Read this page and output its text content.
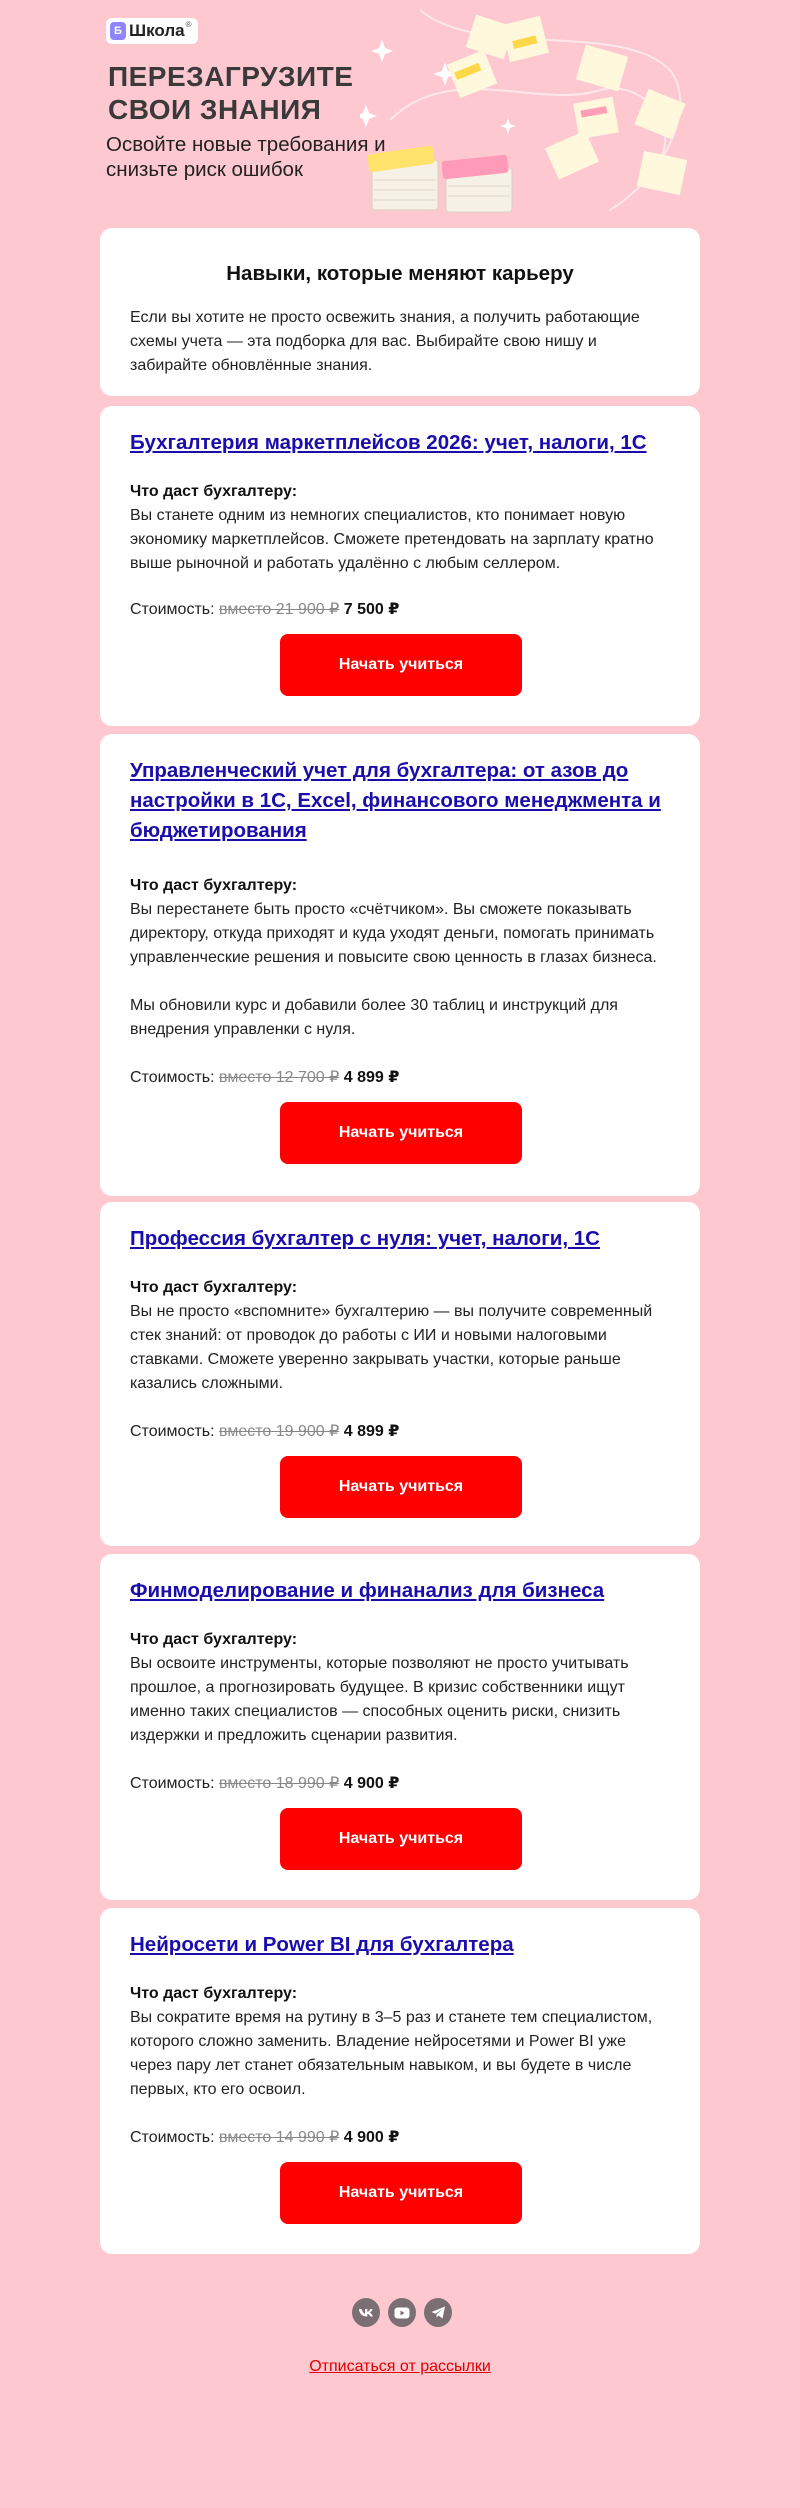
Б Школа ®
ПЕРЕЗАГРУЗИТЕ СВОИ ЗНАНИЯ
Освойте новые требования и снизьте риск ошибок
Навыки, которые меняют карьеру
Если вы хотите не просто освежить знания, а получить работающие схемы учета — эта подборка для вас. Выбирайте свою нишу и забирайте обновлённые знания.
Бухгалтерия маркетплейсов 2026: учет, налоги, 1С
Что даст бухгалтеру:
Вы станете одним из немногих специалистов, кто понимает новую экономику маркетплейсов. Сможете претендовать на зарплату кратно выше рыночной и работать удалённо с любым селлером.
Стоимость: вместо 21 900 ₽ 7 500 ₽
Начать учиться
Управленческий учет для бухгалтера: от азов до настройки в 1С, Excel, финансового менеджмента и бюджетирования
Что даст бухгалтеру:
Вы перестанете быть просто «счётчиком». Вы сможете показывать директору, откуда приходят и куда уходят деньги, помогать принимать управленческие решения и повысите свою ценность в глазах бизнеса.
Мы обновили курс и добавили более 30 таблиц и инструкций для внедрения управленки с нуля.
Стоимость: вместо 12 700 ₽ 4 899 ₽
Начать учиться
Профессия бухгалтер с нуля: учет, налоги, 1С
Что даст бухгалтеру:
Вы не просто «вспомните» бухгалтерию — вы получите современный стек знаний: от проводок до работы с ИИ и новыми налоговыми ставками. Сможете уверенно закрывать участки, которые раньше казались сложными.
Стоимость: вместо 19 900 ₽ 4 899 ₽
Начать учиться
Финмоделирование и финанализ для бизнеса
Что даст бухгалтеру:
Вы освоите инструменты, которые позволяют не просто учитывать прошлое, а прогнозировать будущее. В кризис собственники ищут именно таких специалистов — способных оценить риски, снизить издержки и предложить сценарии развития.
Стоимость: вместо 18 990 ₽ 4 900 ₽
Начать учиться
Нейросети и Power BI для бухгалтера
Что даст бухгалтеру:
Вы сократите время на рутину в 3–5 раз и станете тем специалистом, которого сложно заменить. Владение нейросетями и Power BI уже через пару лет станет обязательным навыком, и вы будете в числе первых, кто его освоил.
Стоимость: вместо 14 990 ₽ 4 900 ₽
Начать учиться
Отписаться от рассылки
